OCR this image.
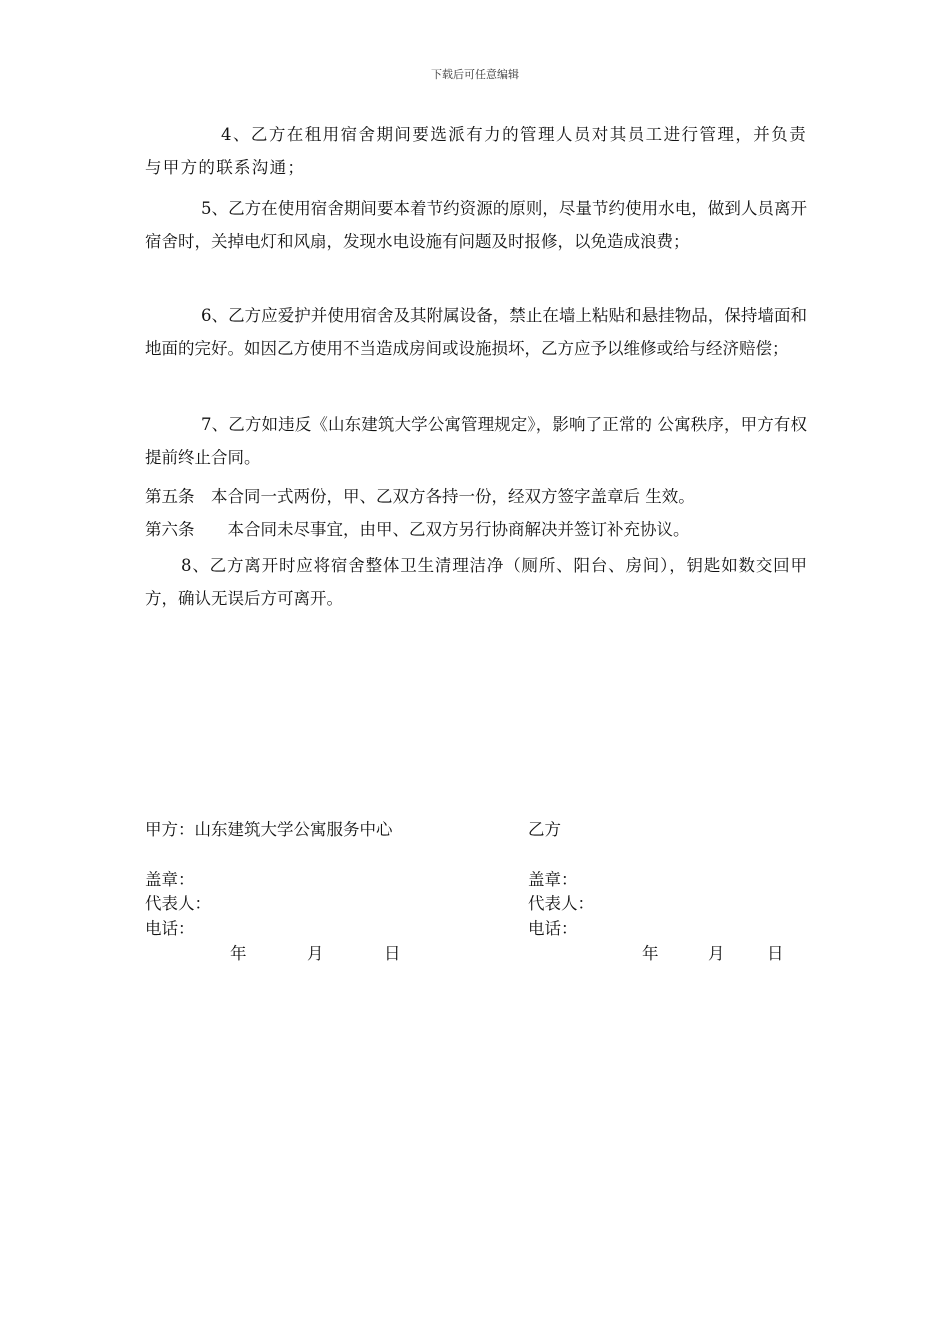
下载后可任意编辑

4、乙方在租用宿舍期间要选派有力的管理人员对其员工进行管理，并负责与甲方的联系沟通；

5、乙方在使用宿舍期间要本着节约资源的原则，尽量节约使用水电，做到人员离开宿舍时，关掉电灯和风扇，发现水电设施有问题及时报修，以免造成浪费；

6、乙方应爱护并使用宿舍及其附属设备，禁止在墙上粘贴和悬挂物品，保持墙面和地面的完好。如因乙方使用不当造成房间或设施损坏，乙方应予以维修或给与经济赔偿；

7、乙方如违反《山东建筑大学公寓管理规定》，影响了正常的 公寓秩序，甲方有权提前终止合同。

第五条　本合同一式两份，甲、乙双方各持一份，经双方签字盖章后 生效。

第六条　　本合同未尽事宜，由甲、乙双方另行协商解决并签订补充协议。

8、乙方离开时应将宿舍整体卫生清理洁净（厕所、阳台、房间），钥匙如数交回甲方，确认无误后方可离开。

甲方：山东建筑大学公寓服务中心	乙方
盖章：	盖章：
代表人：	代表人：
电话：	电话：
年	月	日	年	月	日
